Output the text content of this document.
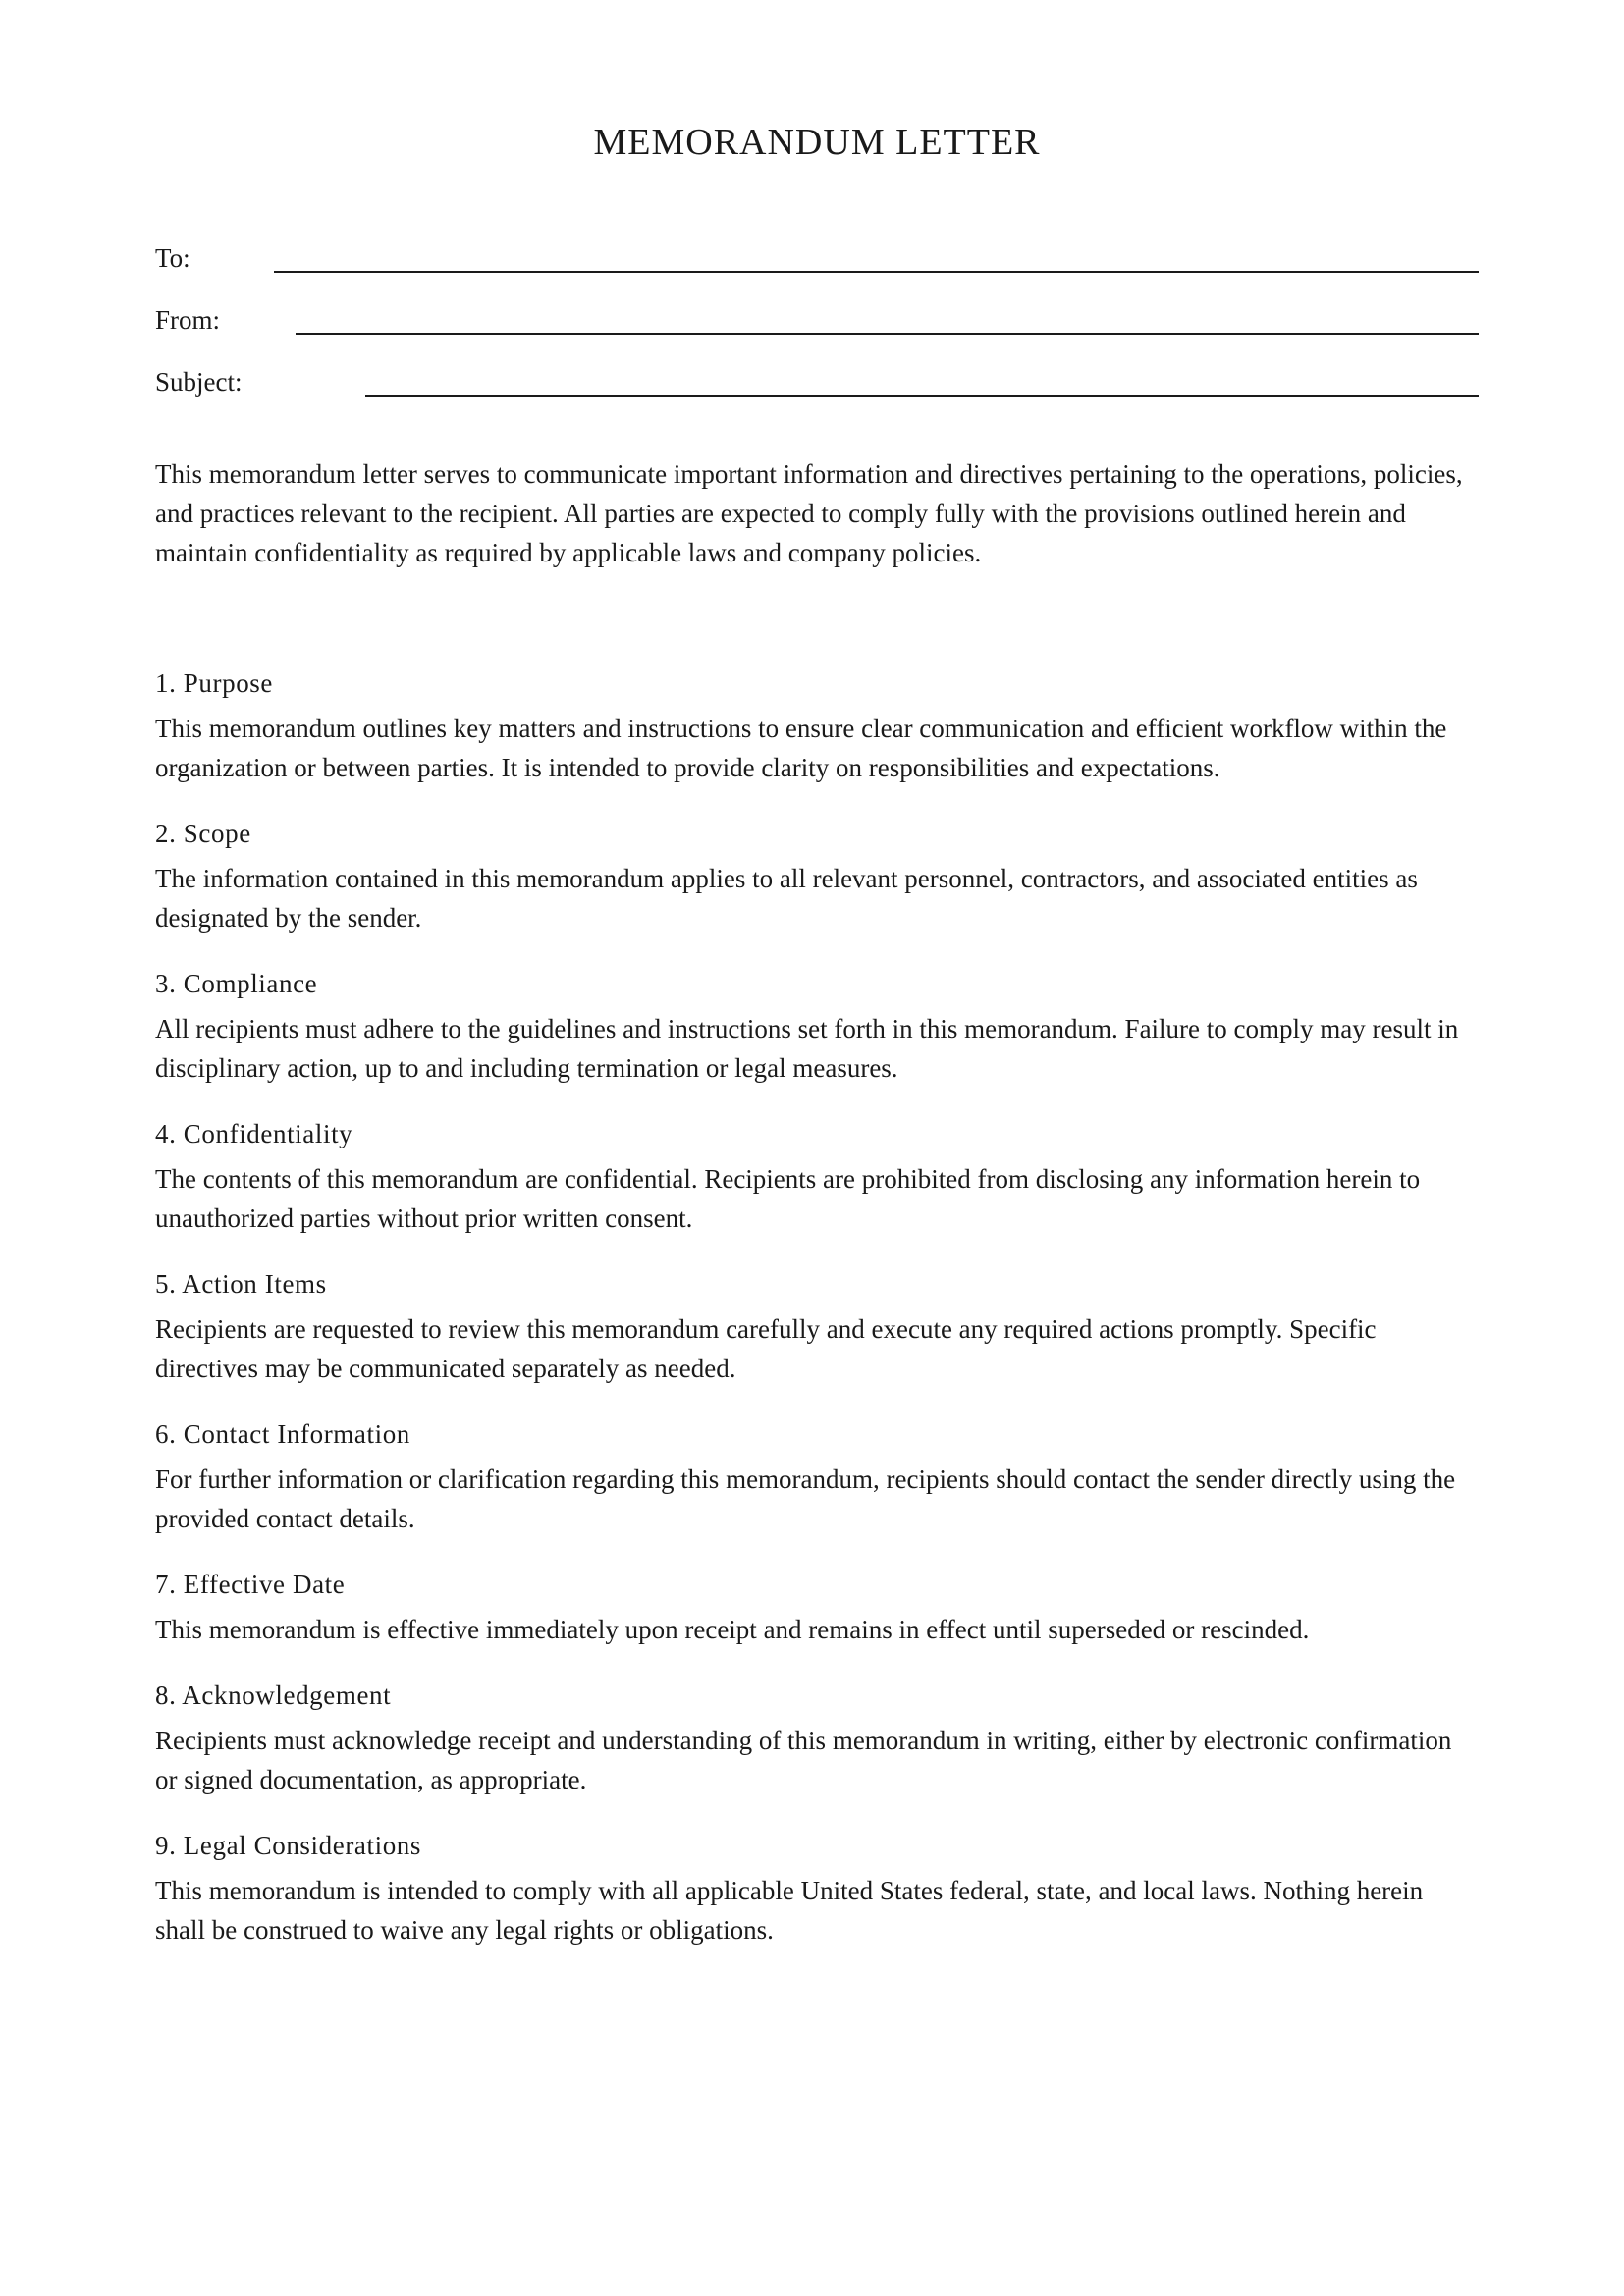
MEMORANDUM LETTER
To:
From:
Subject:

This memorandum letter serves to communicate important information and directives pertaining to the operations, policies, and practices relevant to the recipient. All parties are expected to comply fully with the provisions outlined herein and maintain confidentiality as required by applicable laws and company policies.

1. Purpose

This memorandum outlines key matters and instructions to ensure clear communication and efficient workflow within the organization or between parties. It is intended to provide clarity on responsibilities and expectations.

2. Scope

The information contained in this memorandum applies to all relevant personnel, contractors, and associated entities as designated by the sender.

3. Compliance

All recipients must adhere to the guidelines and instructions set forth in this memorandum. Failure to comply may result in disciplinary action, up to and including termination or legal measures.

4. Confidentiality

The contents of this memorandum are confidential. Recipients are prohibited from disclosing any information herein to unauthorized parties without prior written consent.

5. Action Items

Recipients are requested to review this memorandum carefully and execute any required actions promptly. Specific directives may be communicated separately as needed.

6. Contact Information

For further information or clarification regarding this memorandum, recipients should contact the sender directly using the provided contact details.

7. Effective Date

This memorandum is effective immediately upon receipt and remains in effect until superseded or rescinded.

8. Acknowledgement

Recipients must acknowledge receipt and understanding of this memorandum in writing, either by electronic confirmation or signed documentation, as appropriate.

9. Legal Considerations

This memorandum is intended to comply with all applicable United States federal, state, and local laws. Nothing herein shall be construed to waive any legal rights or obligations.
